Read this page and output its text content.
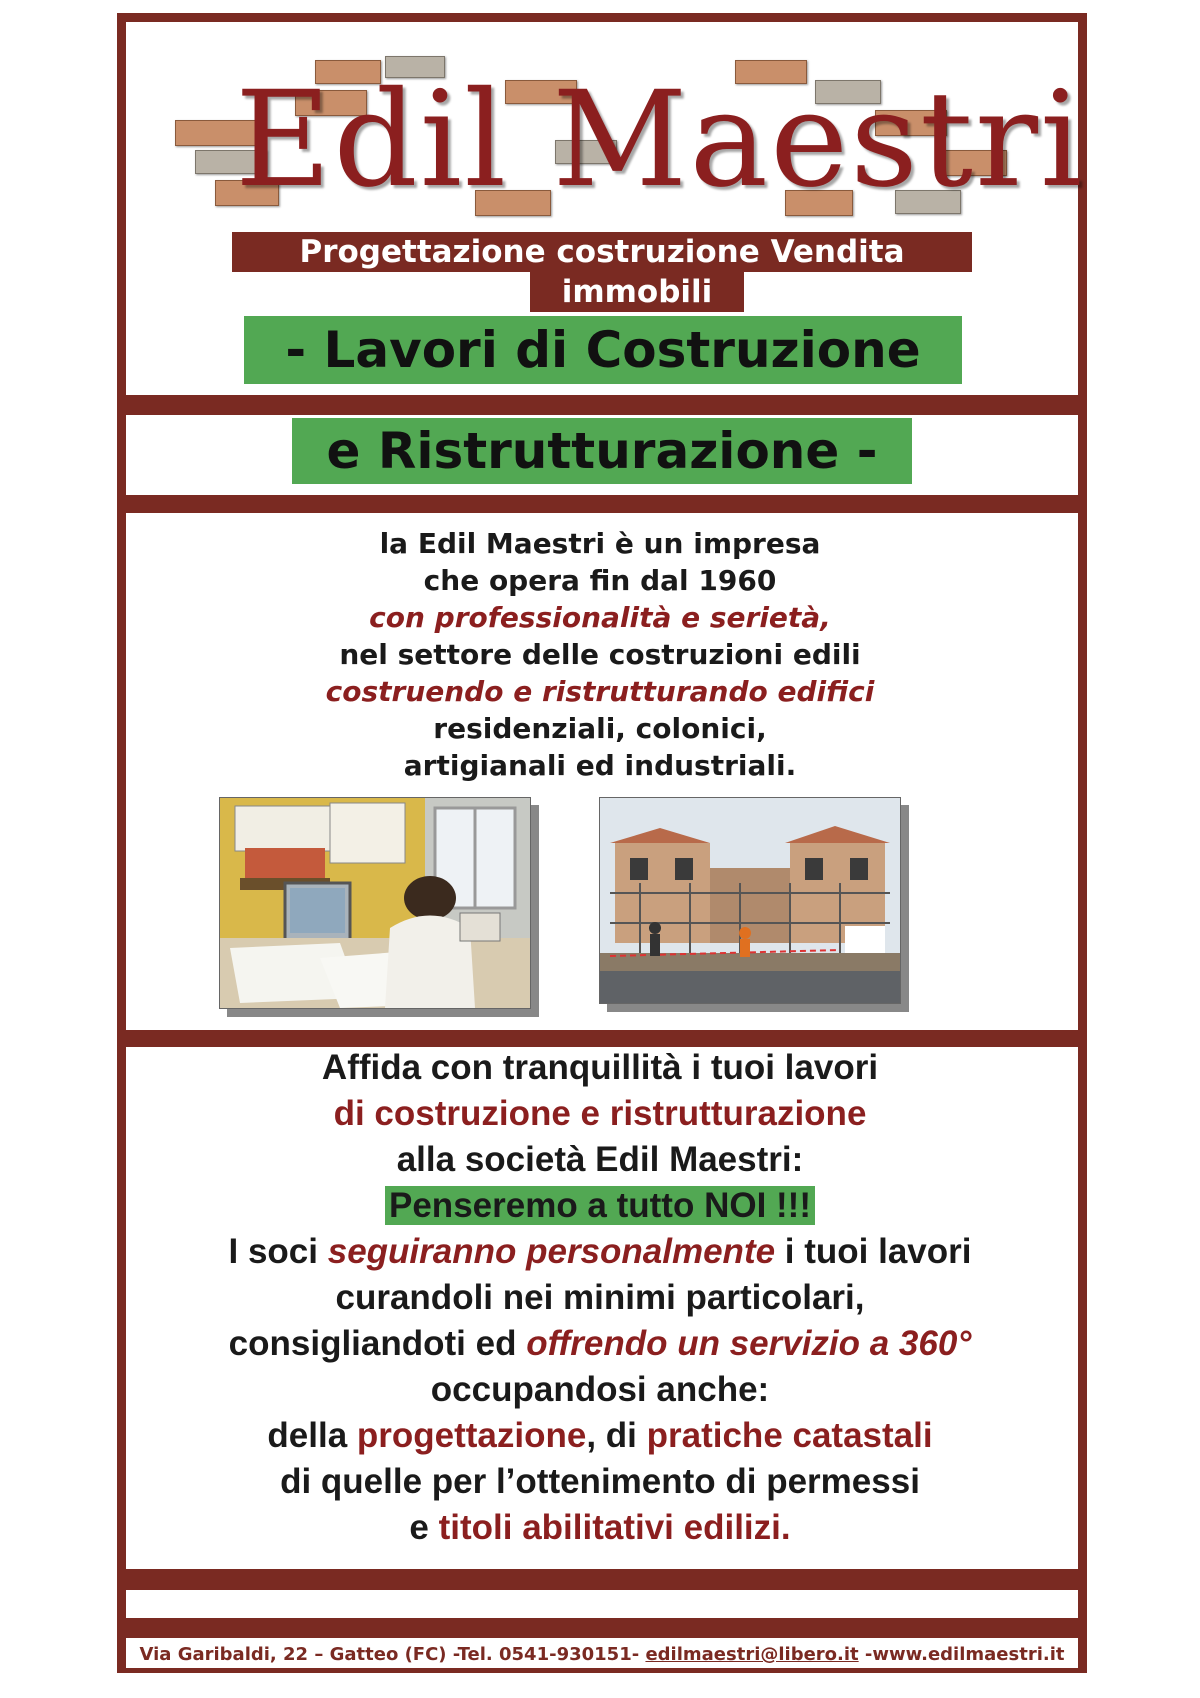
Edil Maestri
Progettazione costruzione Vendita
immobili
- Lavori di Costruzione
e Ristrutturazione -
la Edil Maestri è un impresa
che opera fin dal 1960
con professionalità e serietà,
nel settore delle costruzioni edili
costruendo e ristrutturando edifici
residenziali, colonici,
artigianali ed industriali.
Affida con tranquillità i tuoi lavori
di costruzione e ristrutturazione
alla società Edil Maestri:
Penseremo a tutto NOI !!!
I soci seguiranno personalmente i tuoi lavori
curandoli nei minimi particolari,
consigliandoti ed offrendo un servizio a 360°
occupandosi anche:
della progettazione, di pratiche catastali
di quelle per l’ottenimento di permessi
e titoli abilitativi edilizi.
Via Garibaldi, 22 – Gatteo (FC) -Tel. 0541-930151- edilmaestri@libero.it -www.edilmaestri.it
